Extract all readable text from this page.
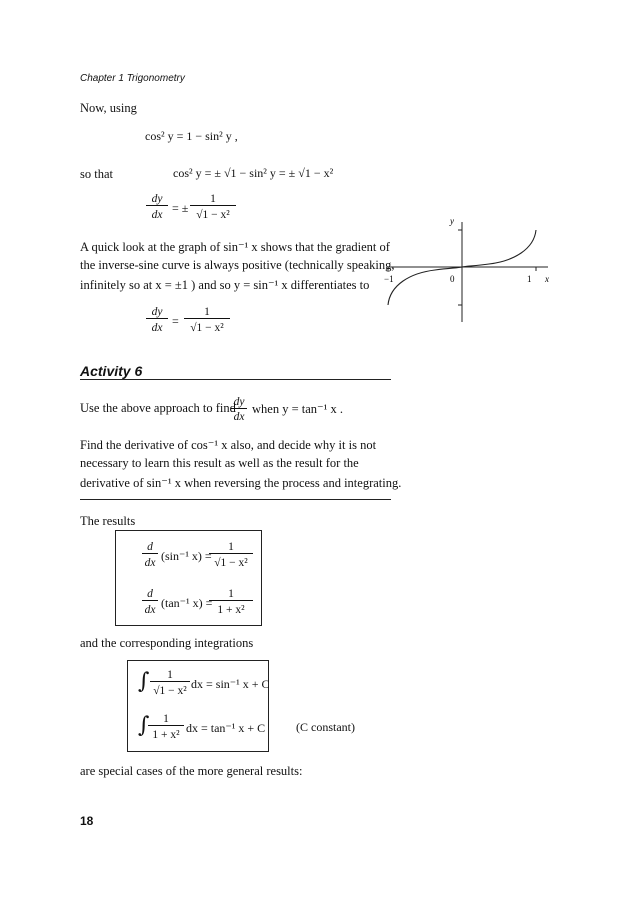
Chapter 1 Trigonometry
Now, using
cos² y = 1 − sin² y ,
so that	cos² y = ± √1 − sin² y = ± √1 − x²
dy
dx = ±
1
√1 − x²
A quick look at the graph of sin⁻¹ x shows that the gradient of
the inverse-sine curve is always positive (technically speaking,
infinitely so at x = ±1 ) and so y = sin⁻¹ x differentiates to
dy
dx =
1
√1 − x²
y
x
−1	0	1
Activity 6
Use the above approach to find
dy
dx
when y = tan⁻¹ x .
Find the derivative of cos⁻¹ x also, and decide why it is not
necessary to learn this result as well as the result for the
derivative of sin⁻¹ x when reversing the process and integrating.
The results
d
dx (sin⁻¹ x) =
1
√1 − x²
d
dx (tan⁻¹ x) =
1
1 + x²
and the corresponding integrations
∫	1
√1 − x² dx = sin⁻¹ x + C
∫	1
1 + x² dx = tan⁻¹ x + C	(C constant)
are special cases of the more general results:
18
